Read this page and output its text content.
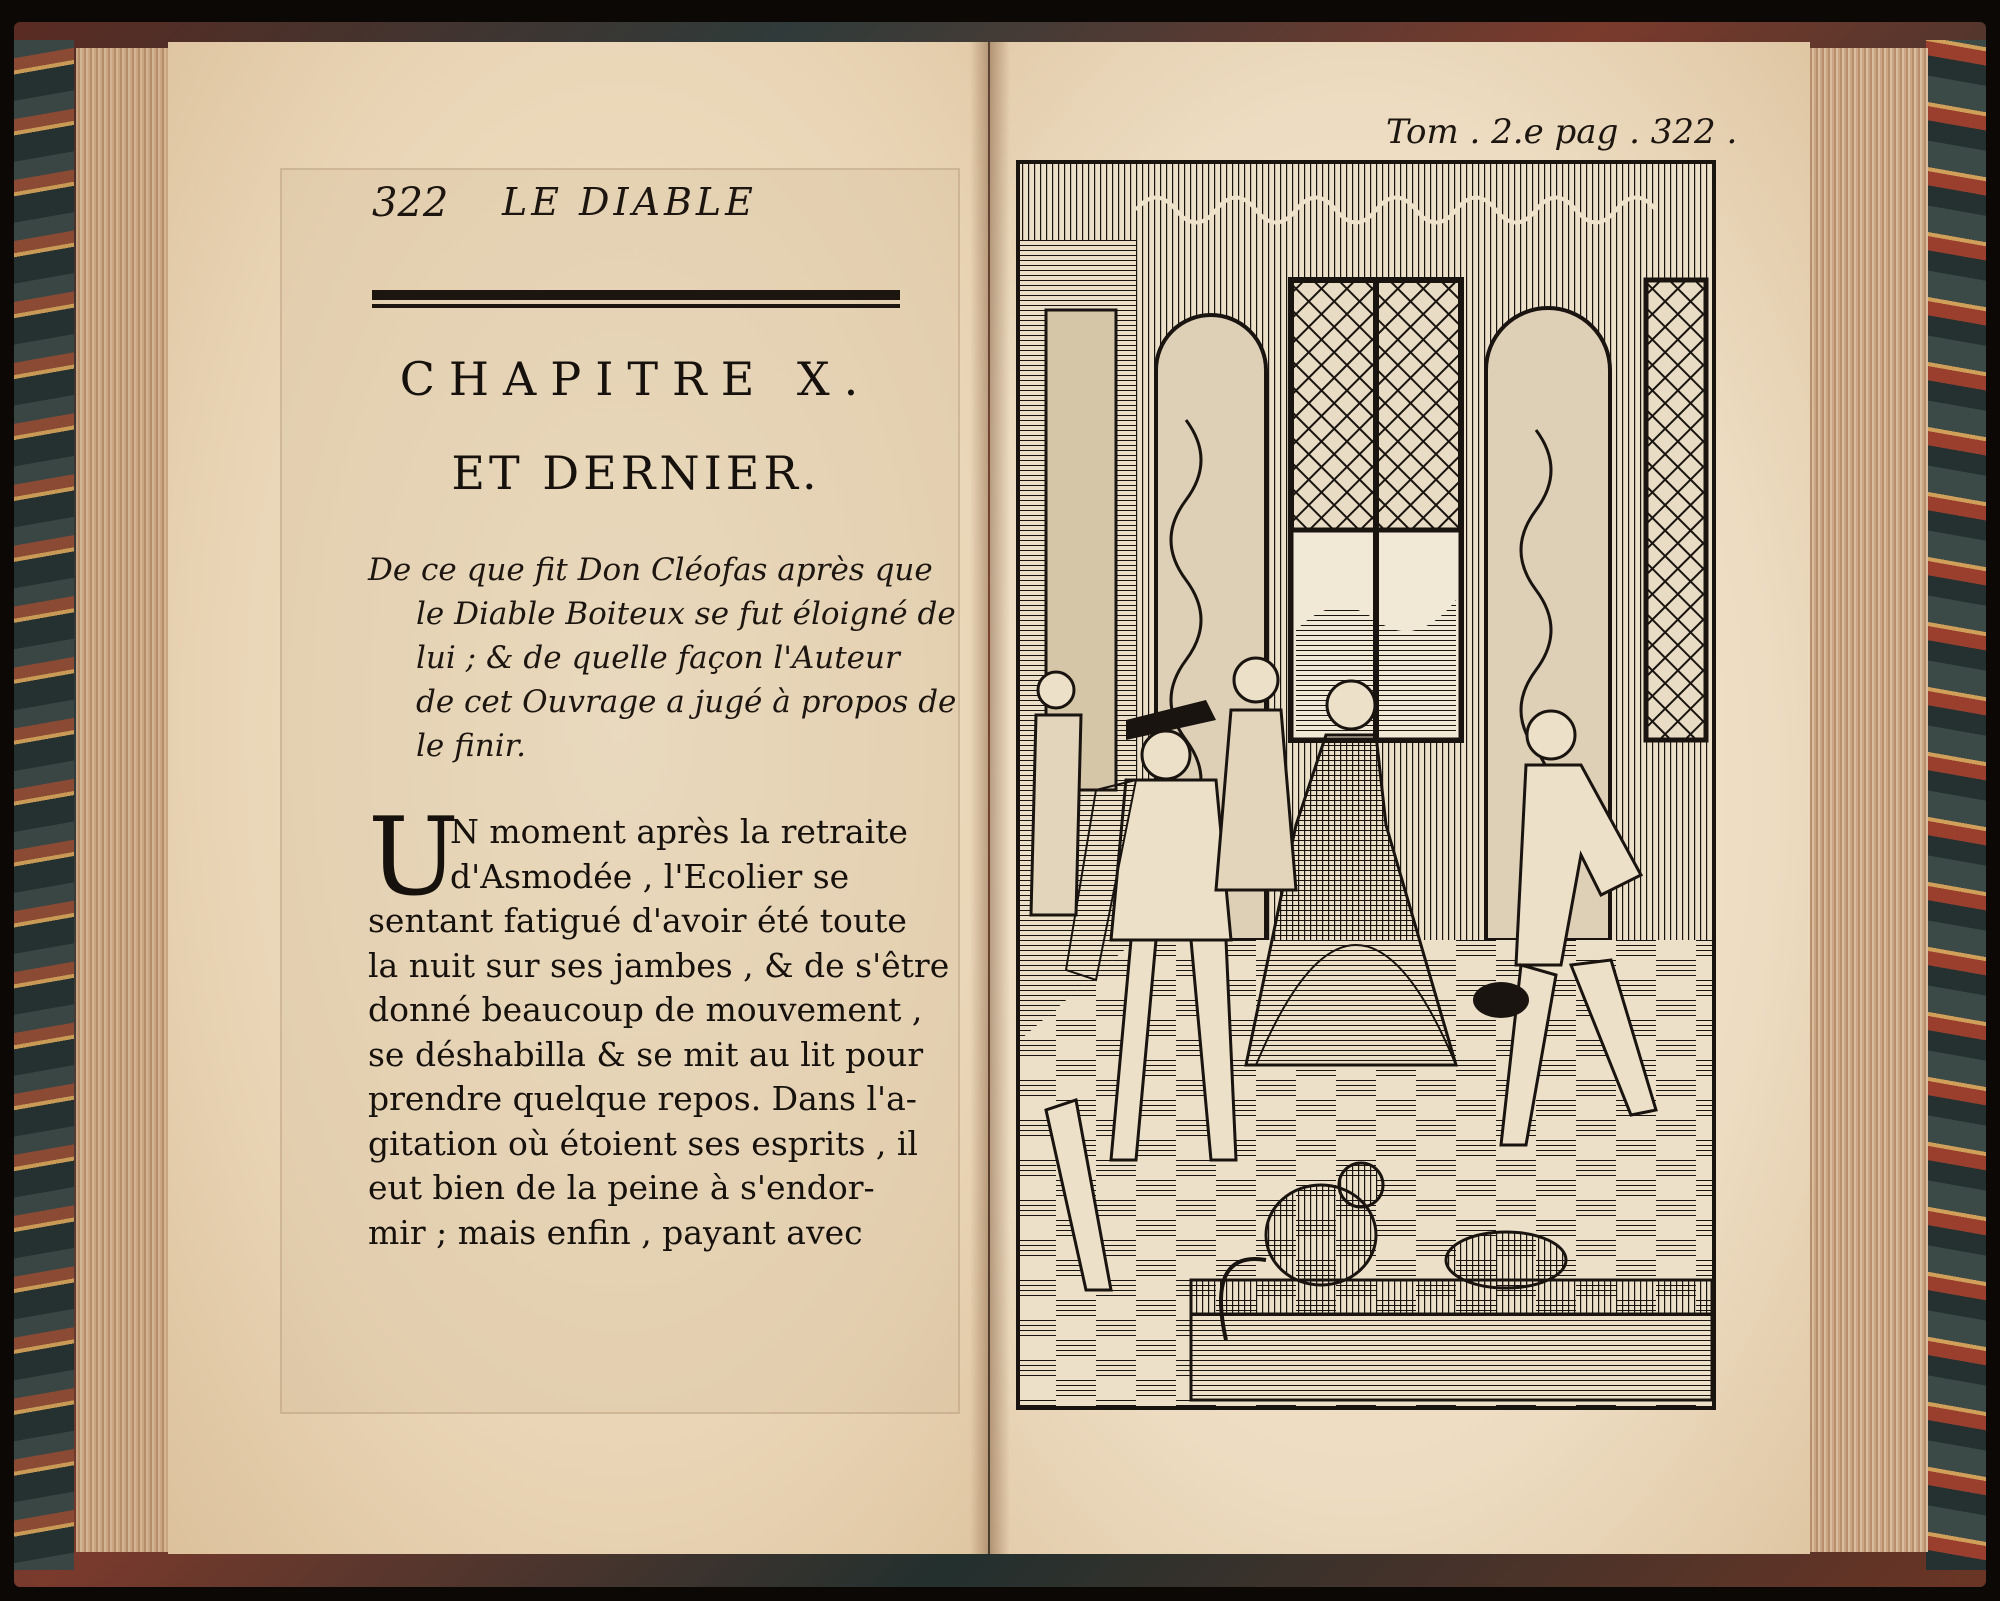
322 LE DIABLE
CHAPITRE X.
ET DERNIER.
De ce que fit Don Cléofas après que
le Diable Boiteux se fut éloigné de
lui ; & de quelle façon l'Auteur
de cet Ouvrage a jugé à propos de
le finir.
U
N moment après la retraite
d'Asmodée , l'Ecolier se
sentant fatigué d'avoir été toute
la nuit sur ses jambes , & de s'être
donné beaucoup de mouvement ,
se déshabilla & se mit au lit pour
prendre quelque repos. Dans l'a-
gitation où étoient ses esprits , il
eut bien de la peine à s'endor-
mir ; mais enfin , payant avec
Tom . 2.e pag . 322 .
